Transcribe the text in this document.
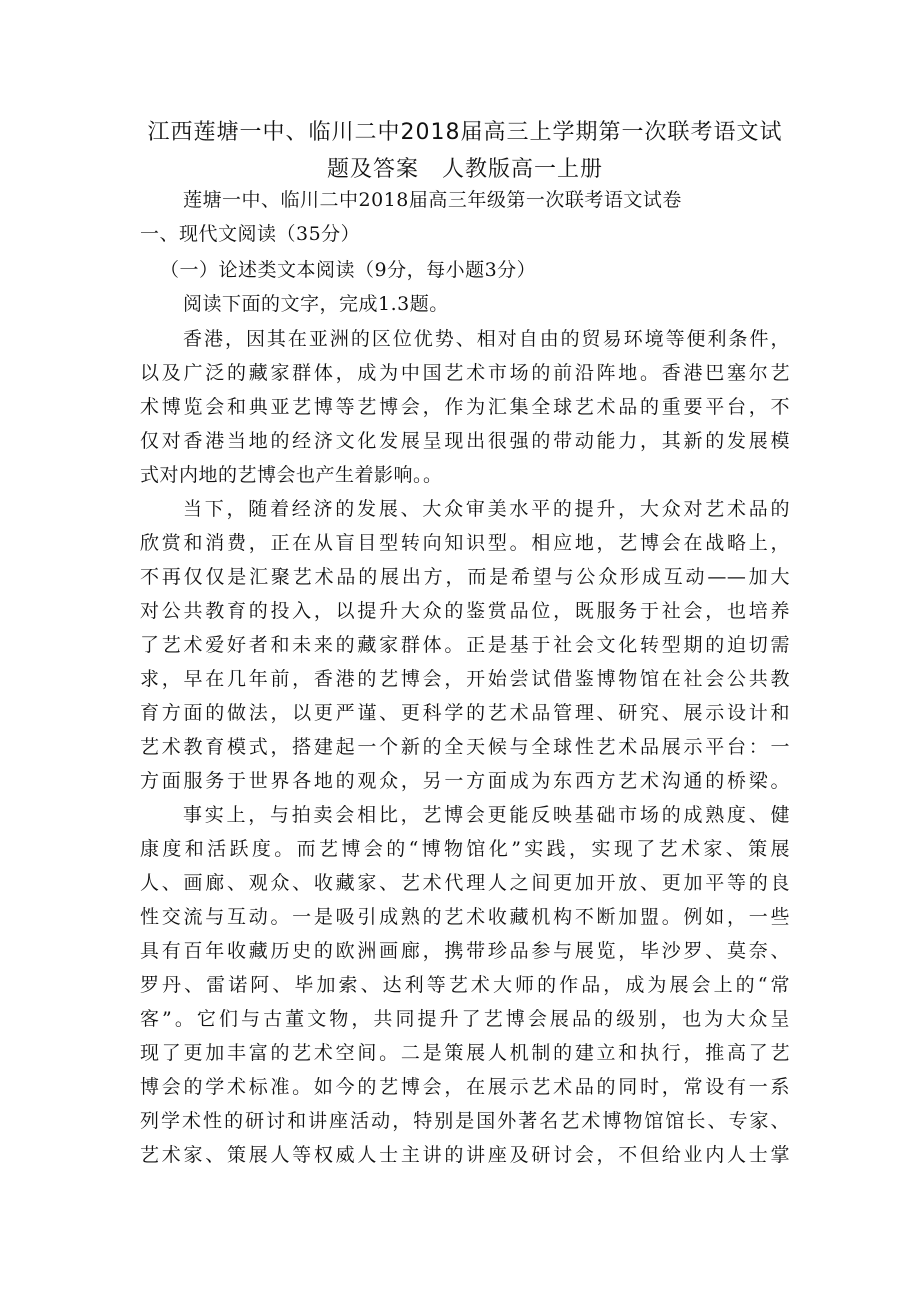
江西莲塘一中、临川二中2018届高三上学期第一次联考语文试
题及答案　人教版高一上册
莲塘一中、临川二中2018届高三年级第一次联考语文试卷
一、现代文阅读（35分）
（一）论述类文本阅读（9分，每小题3分）
阅读下面的文字，完成1.3题。
香港，因其在亚洲的区位优势、相对自由的贸易环境等便利条件，
以及广泛的藏家群体，成为中国艺术市场的前沿阵地。香港巴塞尔艺
术博览会和典亚艺博等艺博会，作为汇集全球艺术品的重要平台，不
仅对香港当地的经济文化发展呈现出很强的带动能力，其新的发展模
式对内地的艺博会也产生着影响。。
当下，随着经济的发展、大众审美水平的提升，大众对艺术品的
欣赏和消费，正在从盲目型转向知识型。相应地，艺博会在战略上，
不再仅仅是汇聚艺术品的展出方，而是希望与公众形成互动——加大
对公共教育的投入，以提升大众的鉴赏品位，既服务于社会，也培养
了艺术爱好者和未来的藏家群体。正是基于社会文化转型期的迫切需
求，早在几年前，香港的艺博会，开始尝试借鉴博物馆在社会公共教
育方面的做法，以更严谨、更科学的艺术品管理、研究、展示设计和
艺术教育模式，搭建起一个新的全天候与全球性艺术品展示平台：一
方面服务于世界各地的观众，另一方面成为东西方艺术沟通的桥梁。
事实上，与拍卖会相比，艺博会更能反映基础市场的成熟度、健
康度和活跃度。而艺博会的“博物馆化”实践，实现了艺术家、策展
人、画廊、观众、收藏家、艺术代理人之间更加开放、更加平等的良
性交流与互动。一是吸引成熟的艺术收藏机构不断加盟。例如，一些
具有百年收藏历史的欧洲画廊，携带珍品参与展览，毕沙罗、莫奈、
罗丹、雷诺阿、毕加索、达利等艺术大师的作品，成为展会上的“常
客”。它们与古董文物，共同提升了艺博会展品的级别，也为大众呈
现了更加丰富的艺术空间。二是策展人机制的建立和执行，推高了艺
博会的学术标准。如今的艺博会，在展示艺术品的同时，常设有一系
列学术性的研讨和讲座活动，特别是国外著名艺术博物馆馆长、专家、
艺术家、策展人等权威人士主讲的讲座及研讨会，不但给业内人士掌
